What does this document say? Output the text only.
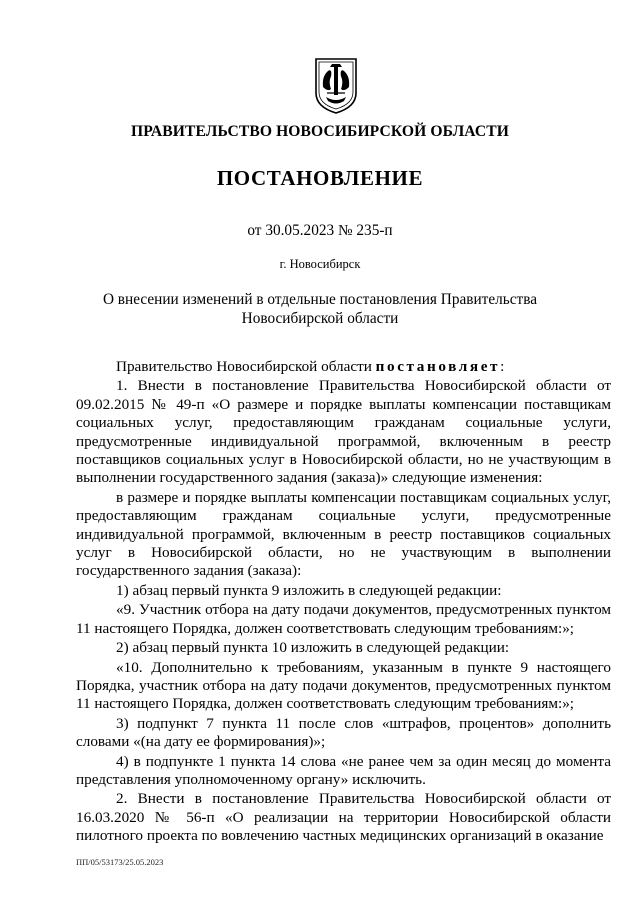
ПРАВИТЕЛЬСТВО НОВОСИБИРСКОЙ ОБЛАСТИ
ПОСТАНОВЛЕНИЕ
от 30.05.2023 № 235-п
г. Новосибирск
О внесении изменений в отдельные постановления Правительства Новосибирской области

Правительство Новосибирской области постановляет:

1. Внести в постановление Правительства Новосибирской области от 09.02.2015 № 49-п «О размере и порядке выплаты компенсации поставщикам социальных услуг, предоставляющим гражданам социальные услуги, предусмотренные индивидуальной программой, включенным в реестр поставщиков социальных услуг в Новосибирской области, но не участвующим в выполнении государственного задания (заказа)» следующие изменения:

в размере и порядке выплаты компенсации поставщикам социальных услуг, предоставляющим гражданам социальные услуги, предусмотренные индивидуальной программой, включенным в реестр поставщиков социальных услуг в Новосибирской области, но не участвующим в выполнении государственного задания (заказа):

1) абзац первый пункта 9 изложить в следующей редакции:

«9. Участник отбора на дату подачи документов, предусмотренных пунктом 11 настоящего Порядка, должен соответствовать следующим требованиям:»;

2) абзац первый пункта 10 изложить в следующей редакции:

«10. Дополнительно к требованиям, указанным в пункте 9 настоящего Порядка, участник отбора на дату подачи документов, предусмотренных пунктом 11 настоящего Порядка, должен соответствовать следующим требованиям:»;

3) подпункт 7 пункта 11 после слов «штрафов, процентов» дополнить словами «(на дату ее формирования)»;

4) в подпункте 1 пункта 14 слова «не ранее чем за один месяц до момента представления уполномоченному органу» исключить.

2. Внести в постановление Правительства Новосибирской области от 16.03.2020 № 56-п «О реализации на территории Новосибирской области пилотного проекта по вовлечению частных медицинских организаций в оказание

ПП/05/53173/25.05.2023
